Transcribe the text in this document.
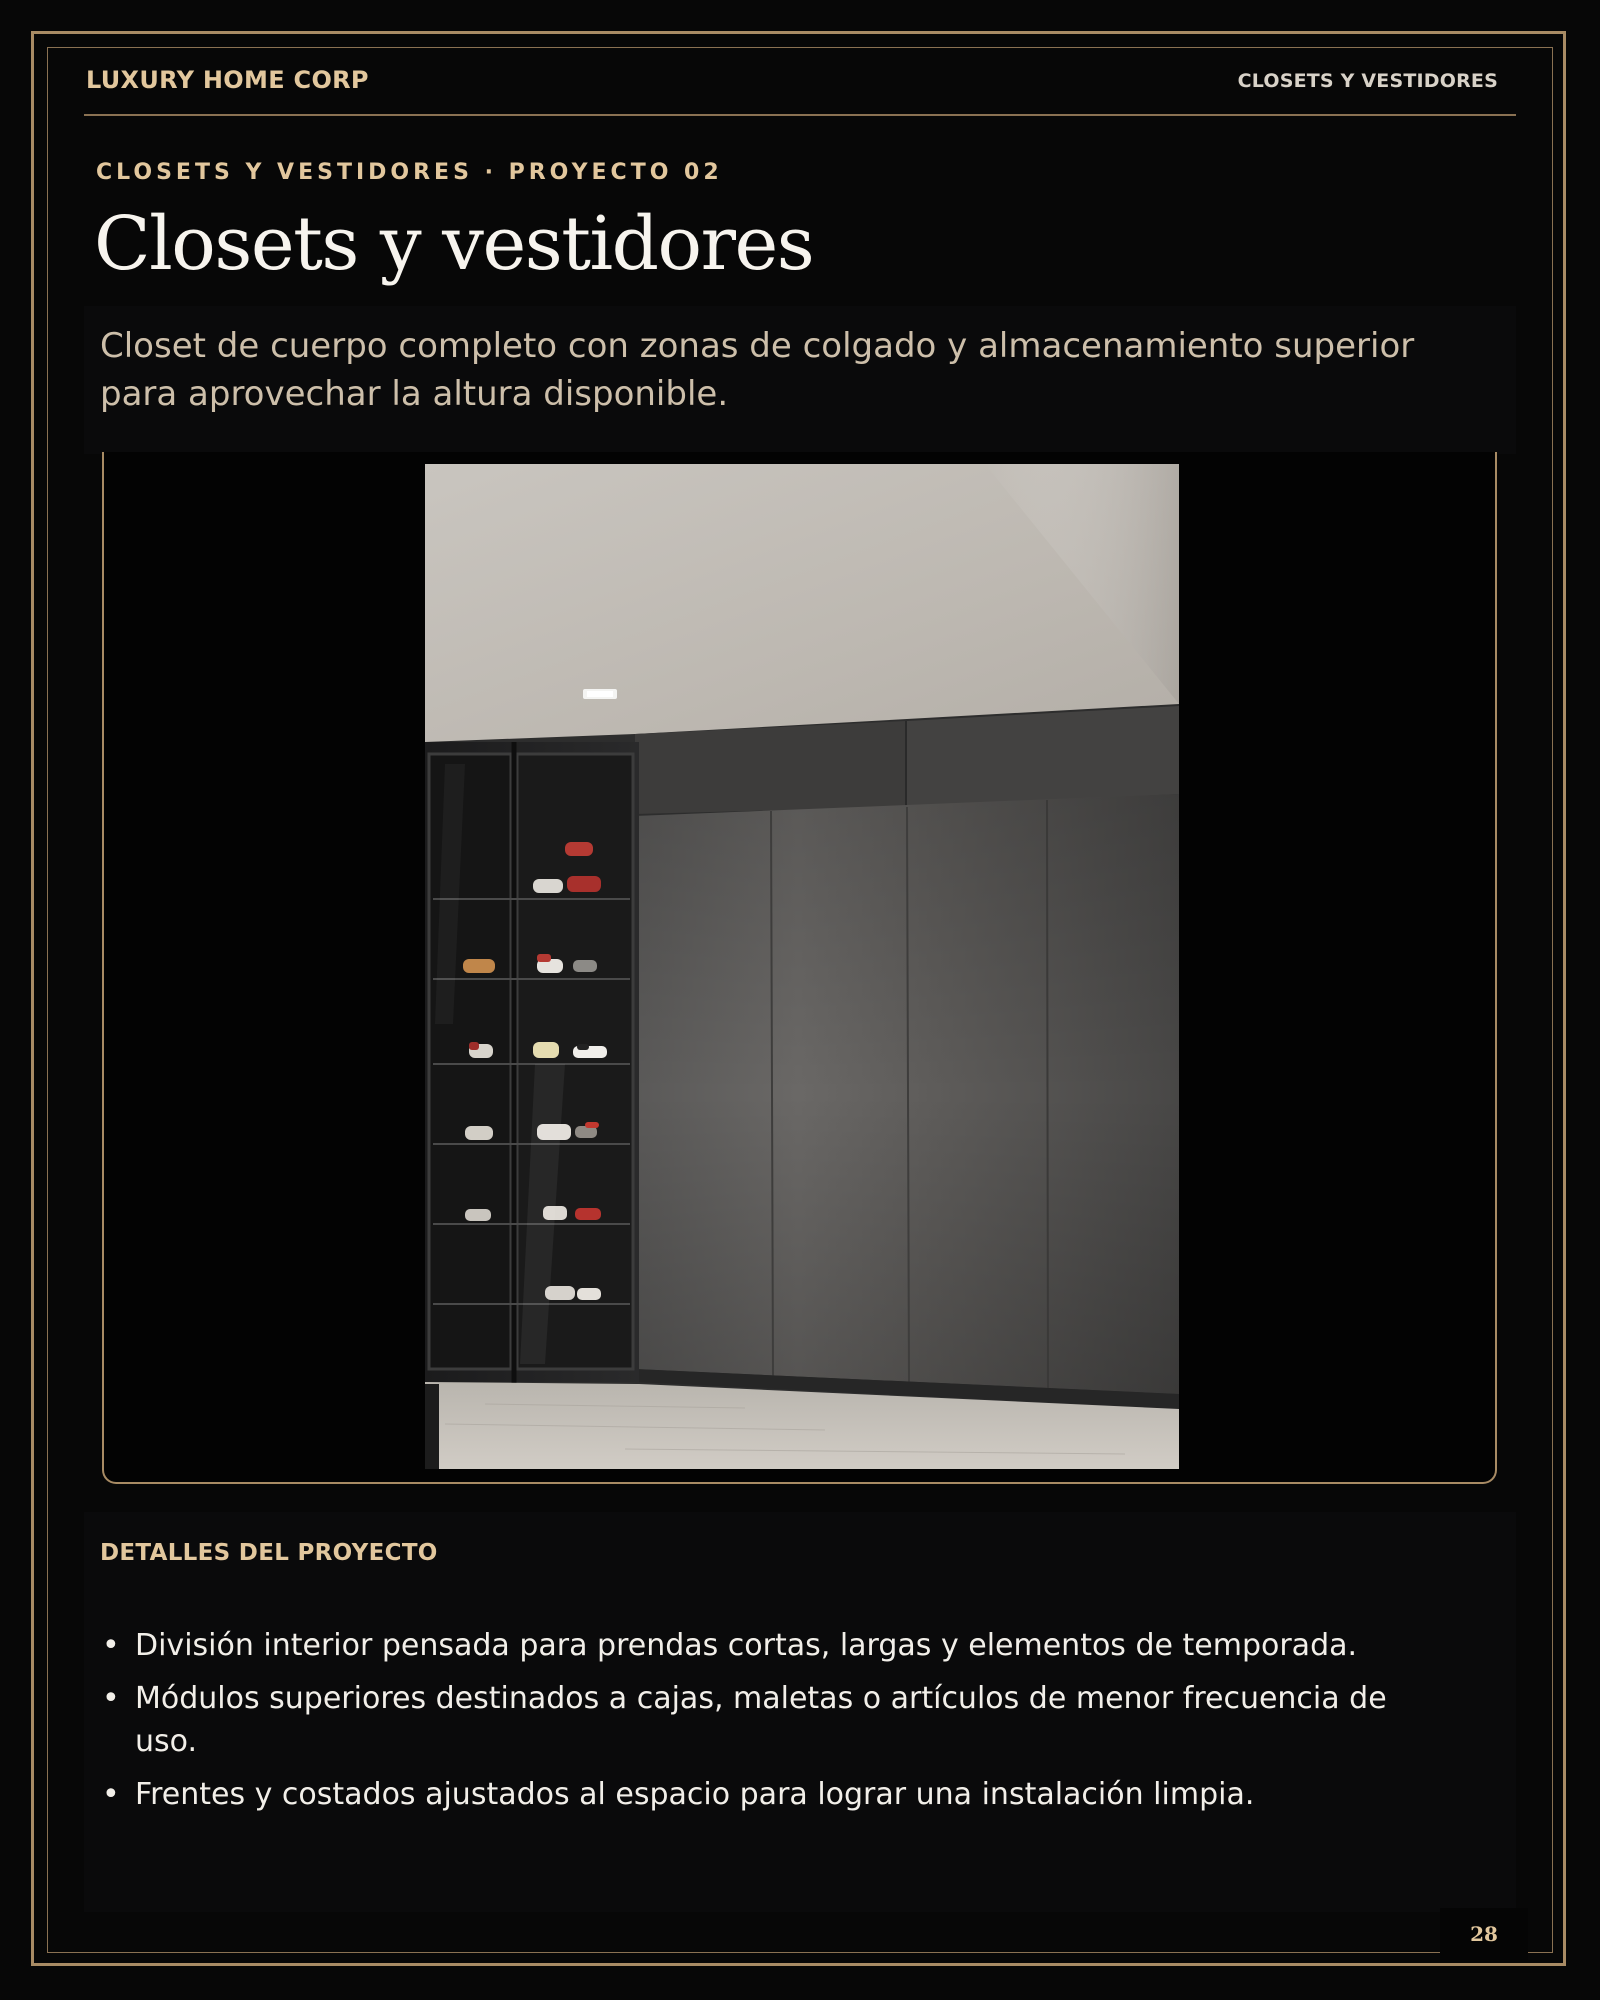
LUXURY HOME CORP	CLOSETS Y VESTIDORES
CLOSETS Y VESTIDORES · PROYECTO 02
Closets y vestidores

Closet de cuerpo completo con zonas de colgado y almacenamiento superior para aprovechar la altura disponible.

DETALLES DEL PROYECTO
• División interior pensada para prendas cortas, largas y elementos de temporada.
• Módulos superiores destinados a cajas, maletas o artículos de menor frecuencia de uso.
• Frentes y costados ajustados al espacio para lograr una instalación limpia.
28
